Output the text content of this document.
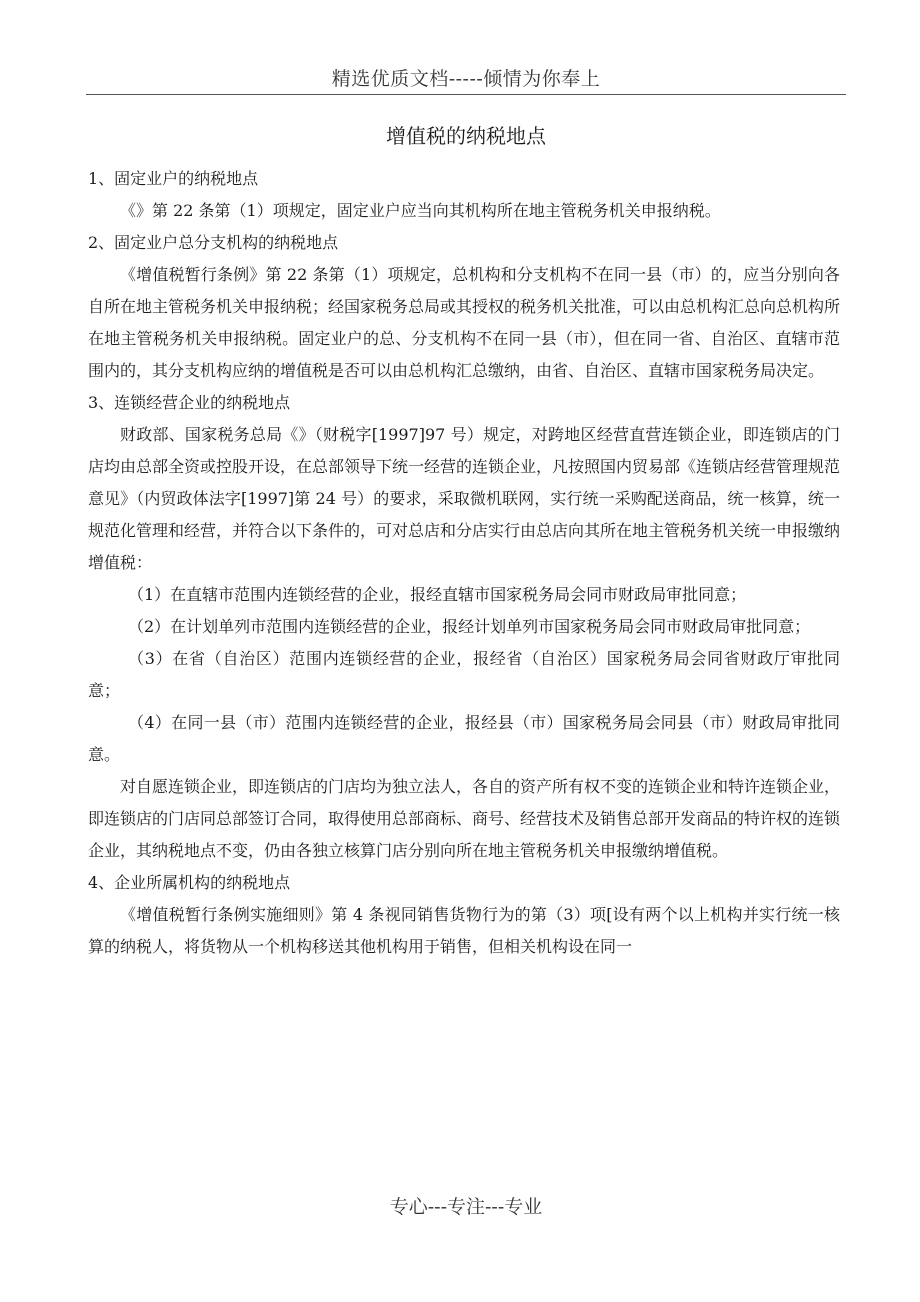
精选优质文档-----倾情为你奉上
增值税的纳税地点

1、固定业户的纳税地点

《》第 22 条第（1）项规定，固定业户应当向其机构所在地主管税务机关申报纳税。

2、固定业户总分支机构的纳税地点

《增值税暂行条例》第 22 条第（1）项规定，总机构和分支机构不在同一县（市）的，应当分别向各自所在地主管税务机关申报纳税；经国家税务总局或其授权的税务机关批准，可以由总机构汇总向总机构所在地主管税务机关申报纳税。固定业户的总、分支机构不在同一县（市），但在同一省、自治区、直辖市范围内的，其分支机构应纳的增值税是否可以由总机构汇总缴纳，由省、自治区、直辖市国家税务局决定。

3、连锁经营企业的纳税地点

财政部、国家税务总局《》（财税字[1997]97 号）规定，对跨地区经营直营连锁企业，即连锁店的门店均由总部全资或控股开设，在总部领导下统一经营的连锁企业，凡按照国内贸易部《连锁店经营管理规范意见》（内贸政体法字[1997]第 24 号）的要求，采取微机联网，实行统一采购配送商品，统一核算，统一规范化管理和经营，并符合以下条件的，可对总店和分店实行由总店向其所在地主管税务机关统一申报缴纳增值税：

（1）在直辖市范围内连锁经营的企业，报经直辖市国家税务局会同市财政局审批同意；

（2）在计划单列市范围内连锁经营的企业，报经计划单列市国家税务局会同市财政局审批同意；

（3）在省（自治区）范围内连锁经营的企业，报经省（自治区）国家税务局会同省财政厅审批同意；

（4）在同一县（市）范围内连锁经营的企业，报经县（市）国家税务局会同县（市）财政局审批同意。

对自愿连锁企业，即连锁店的门店均为独立法人，各自的资产所有权不变的连锁企业和特许连锁企业，即连锁店的门店同总部签订合同，取得使用总部商标、商号、经营技术及销售总部开发商品的特许权的连锁企业，其纳税地点不变，仍由各独立核算门店分别向所在地主管税务机关申报缴纳增值税。

4、企业所属机构的纳税地点

《增值税暂行条例实施细则》第 4 条视同销售货物行为的第（3）项[设有两个以上机构并实行统一核算的纳税人，将货物从一个机构移送其他机构用于销售，但相关机构设在同一

专心---专注---专业
